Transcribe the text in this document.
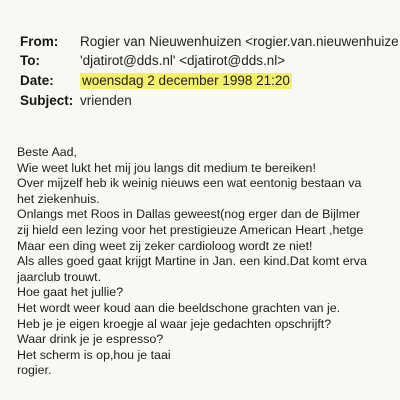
From: Rogier van Nieuwenhuizen <rogier.van.nieuwenhuize
To:	'djatirot@dds.nl' <djatirot@dds.nl>
Date: woensdag 2 december 1998 21:20
Subject: vrienden
Beste Aad,
Wie weet lukt het mij jou langs dit medium te bereiken!
Over mijzelf heb ik weinig nieuws een wat eentonig bestaan va
het ziekenhuis.
Onlangs met Roos in Dallas geweest(nog erger dan de Bijlmer
zij hield een lezing voor het prestigieuze American Heart ,hetge
Maar een ding weet zij zeker cardioloog wordt ze niet!
Als alles goed gaat krijgt Martine in Jan. een kind.Dat komt erva
jaarclub trouwt.
Hoe gaat het jullie?
Het wordt weer koud aan die beeldschone grachten van je.
Heb je je eigen kroegje al waar jeje gedachten opschrijft?
Waar drink je je espresso?
Het scherm is op,hou je taai
rogier.
